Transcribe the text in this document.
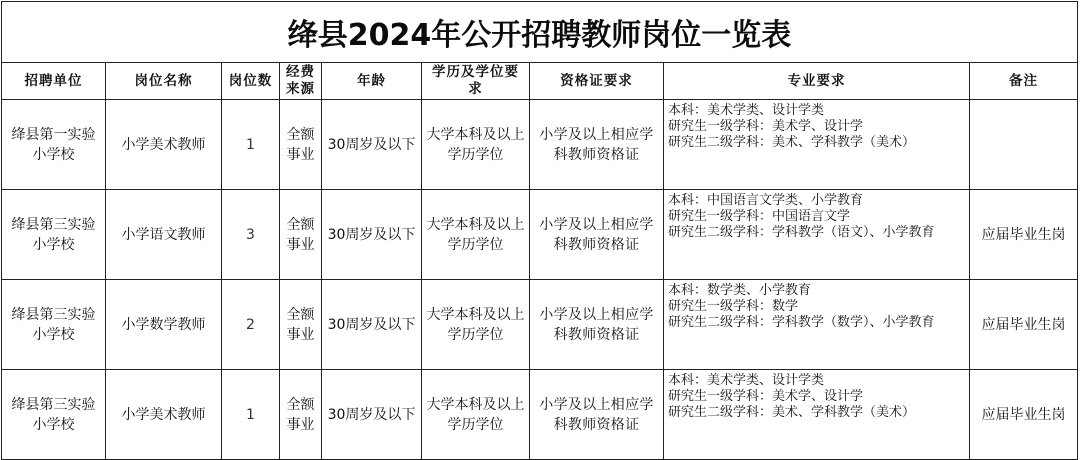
绛县2024年公开招聘教师岗位一览表								
招聘单位	岗位名称	岗位数	经费来源	年龄	学历及学位要求	资格证要求	专业要求	备注
绛县第一实验小学校	小学美术教师	1	全额事业	30周岁及以下	大学本科及以上学历学位	小学及以上相应学科教师资格证	本科：美术学类、设计学类
研究生一级学科：美术学、设计学
研究生二级学科：美术、学科教学（美术）	

绛县第三实验小学校	小学语文教师	3	全额事业	30周岁及以下	大学本科及以上学历学位	小学及以上相应学科教师资格证	本科：中国语言文学类、小学教育
研究生一级学科：中国语言文学
研究生二级学科：学科教学（语文）、小学教育	应届毕业生岗
绛县第三实验小学校	小学数学教师	2	全额事业	30周岁及以下	大学本科及以上学历学位	小学及以上相应学科教师资格证	本科：数学类、小学教育
研究生一级学科：数学
研究生二级学科：学科教学（数学）、小学教育	应届毕业生岗
绛县第三实验小学校	小学美术教师	1	全额事业	30周岁及以下	大学本科及以上学历学位	小学及以上相应学科教师资格证	本科：美术学类、设计学类
研究生一级学科：美术学、设计学
研究生二级学科：美术、学科教学（美术）	应届毕业生岗
